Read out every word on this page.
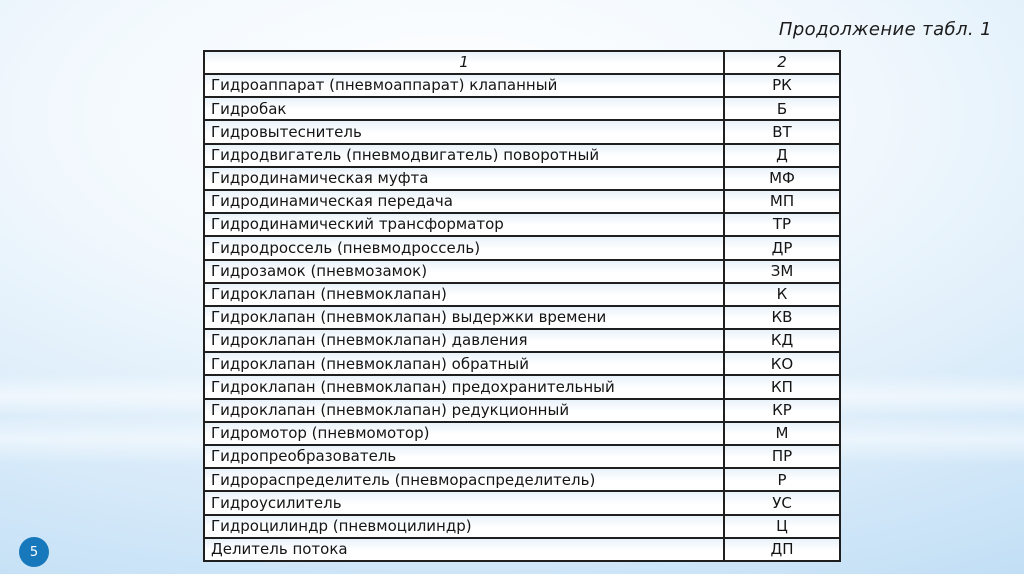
Продолжение табл. 1
1	2
Гидроаппарат (пневмоаппарат) клапанный	РК
Гидробак	Б
Гидровытеснитель	ВТ
Гидродвигатель (пневмодвигатель) поворотный	Д
Гидродинамическая муфта	МФ
Гидродинамическая передача	МП
Гидродинамический трансформатор	ТР
Гидродроссель (пневмодроссель)	ДР
Гидрозамок (пневмозамок)	ЗМ
Гидроклапан (пневмоклапан)	К
Гидроклапан (пневмоклапан) выдержки времени	КВ
Гидроклапан (пневмоклапан) давления	КД
Гидроклапан (пневмоклапан) обратный	КО
Гидроклапан (пневмоклапан) предохранительный	КП
Гидроклапан (пневмоклапан) редукционный	КР
Гидромотор (пневмомотор)	М
Гидропреобразователь	ПР
Гидрораспределитель (пневмораспределитель)	Р
Гидроусилитель	УС
Гидроцилиндр (пневмоцилиндр)	Ц
Делитель потока	ДП
5
